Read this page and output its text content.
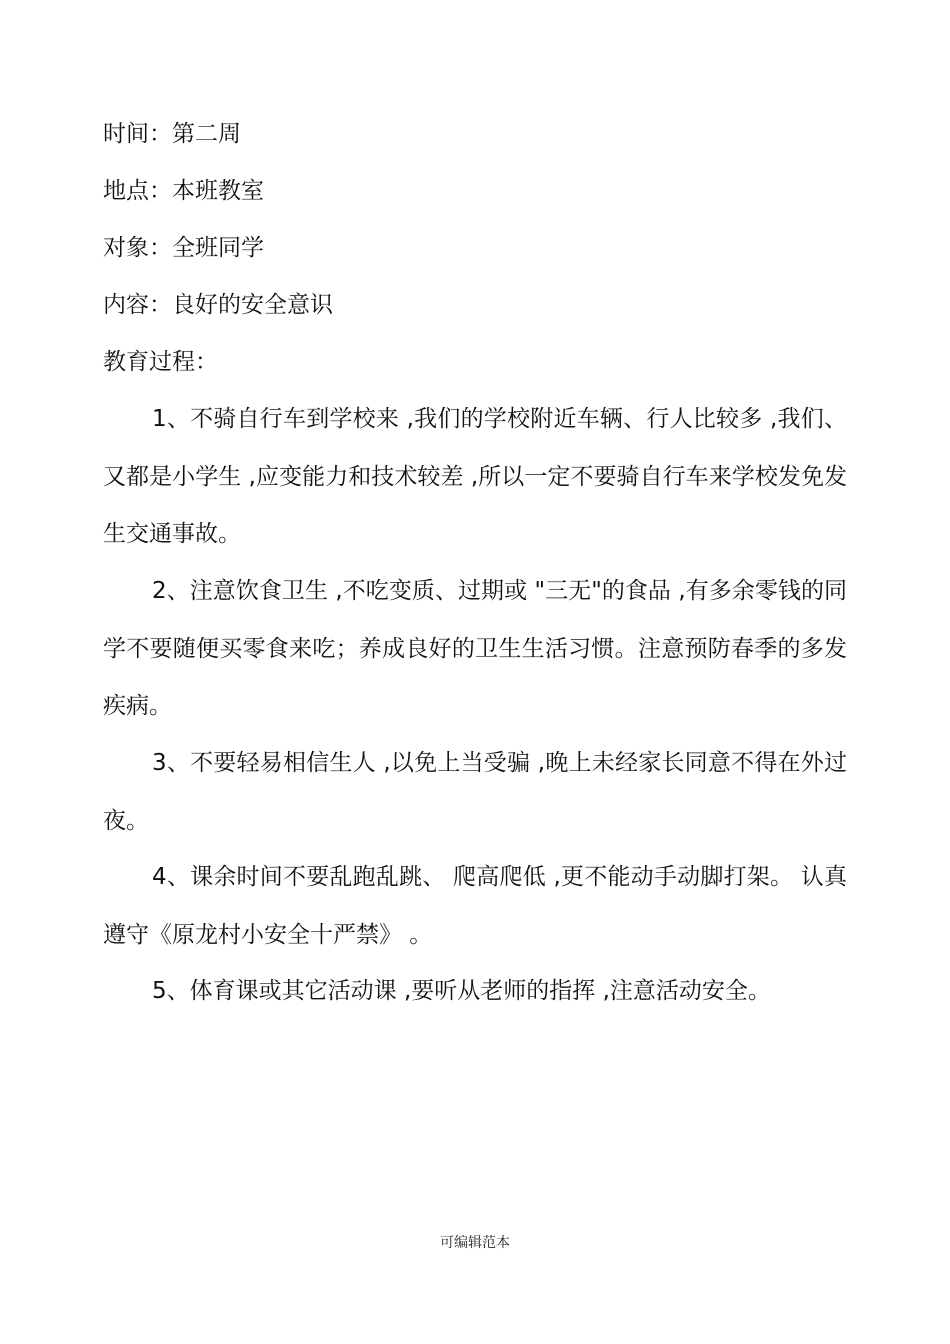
时间：第二周
地点：本班教室
对象：全班同学
内容：良好的安全意识
教育过程：

1、不骑自行车到学校来 ,我们的学校附近车辆、行人比较多 ,我们、又都是小学生 ,应变能力和技术较差 ,所以一定不要骑自行车来学校发免发生交通事故。

2、注意饮食卫生 ,不吃变质、过期或 "三无"的食品 ,有多余零钱的同学不要随便买零食来吃；养成良好的卫生生活习惯。注意预防春季的多发疾病。

3、不要轻易相信生人 ,以免上当受骗 ,晚上未经家长同意不得在外过夜。

4、课余时间不要乱跑乱跳、 爬高爬低 ,更不能动手动脚打架。 认真遵守《原龙村小安全十严禁》 。

5、体育课或其它活动课 ,要听从老师的指挥 ,注意活动安全。

可编辑范本
